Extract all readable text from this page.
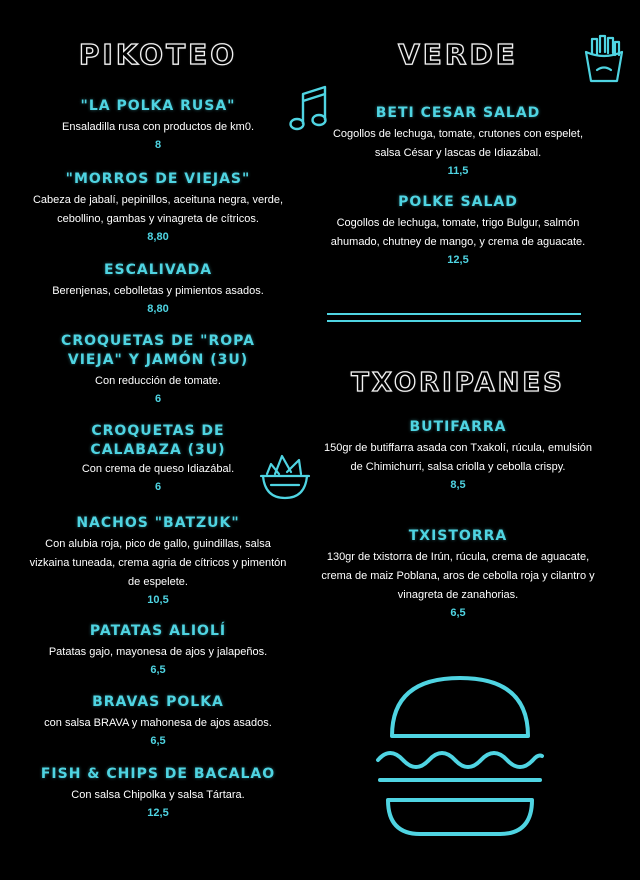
PIKOTEO
"LA POLKA RUSA"
Ensaladilla rusa con productos de km0.
8
"MORROS DE VIEJAS"
Cabeza de jabalí, pepinillos, aceituna negra, verde, cebollino, gambas y vinagreta de cítricos.
8,80
ESCALIVADA
Berenjenas, cebolletas y pimientos asados.
8,80
CROQUETAS DE "ROPA VIEJA" Y JAMÓN (3U)
Con reducción de tomate.
6
CROQUETAS DE CALABAZA (3U)
Con crema de queso Idiazábal.
6
NACHOS "BATZUK"
Con alubia roja, pico de gallo, guindillas, salsa vizkaina tuneada, crema agria de cítricos y pimentón de espelete.
10,5
PATATAS ALIOLÍ
Patatas gajo, mayonesa de ajos y jalapeños.
6,5
BRAVAS POLKA
con salsa BRAVA y mahonesa de ajos asados.
6,5
FISH & CHIPS DE BACALAO
Con salsa Chipolka y salsa Tártara.
12,5
VERDE
BETI CESAR SALAD
Cogollos de lechuga, tomate, crutones con espelet, salsa César y lascas de Idiazábal.
11,5
POLKE SALAD
Cogollos de lechuga, tomate, trigo Bulgur, salmón ahumado, chutney de mango, y crema de aguacate.
12,5
TXORIPANES
BUTIFARRA
150gr de butiffarra asada con Txakolí, rúcula, emulsión de Chimichurri, salsa criolla y cebolla crispy.
8,5
TXISTORRA
130gr de txistorra de Irún, rúcula, crema de aguacate, crema de maiz Poblana, aros de cebolla roja y cilantro y vinagreta de zanahorias.
6,5
